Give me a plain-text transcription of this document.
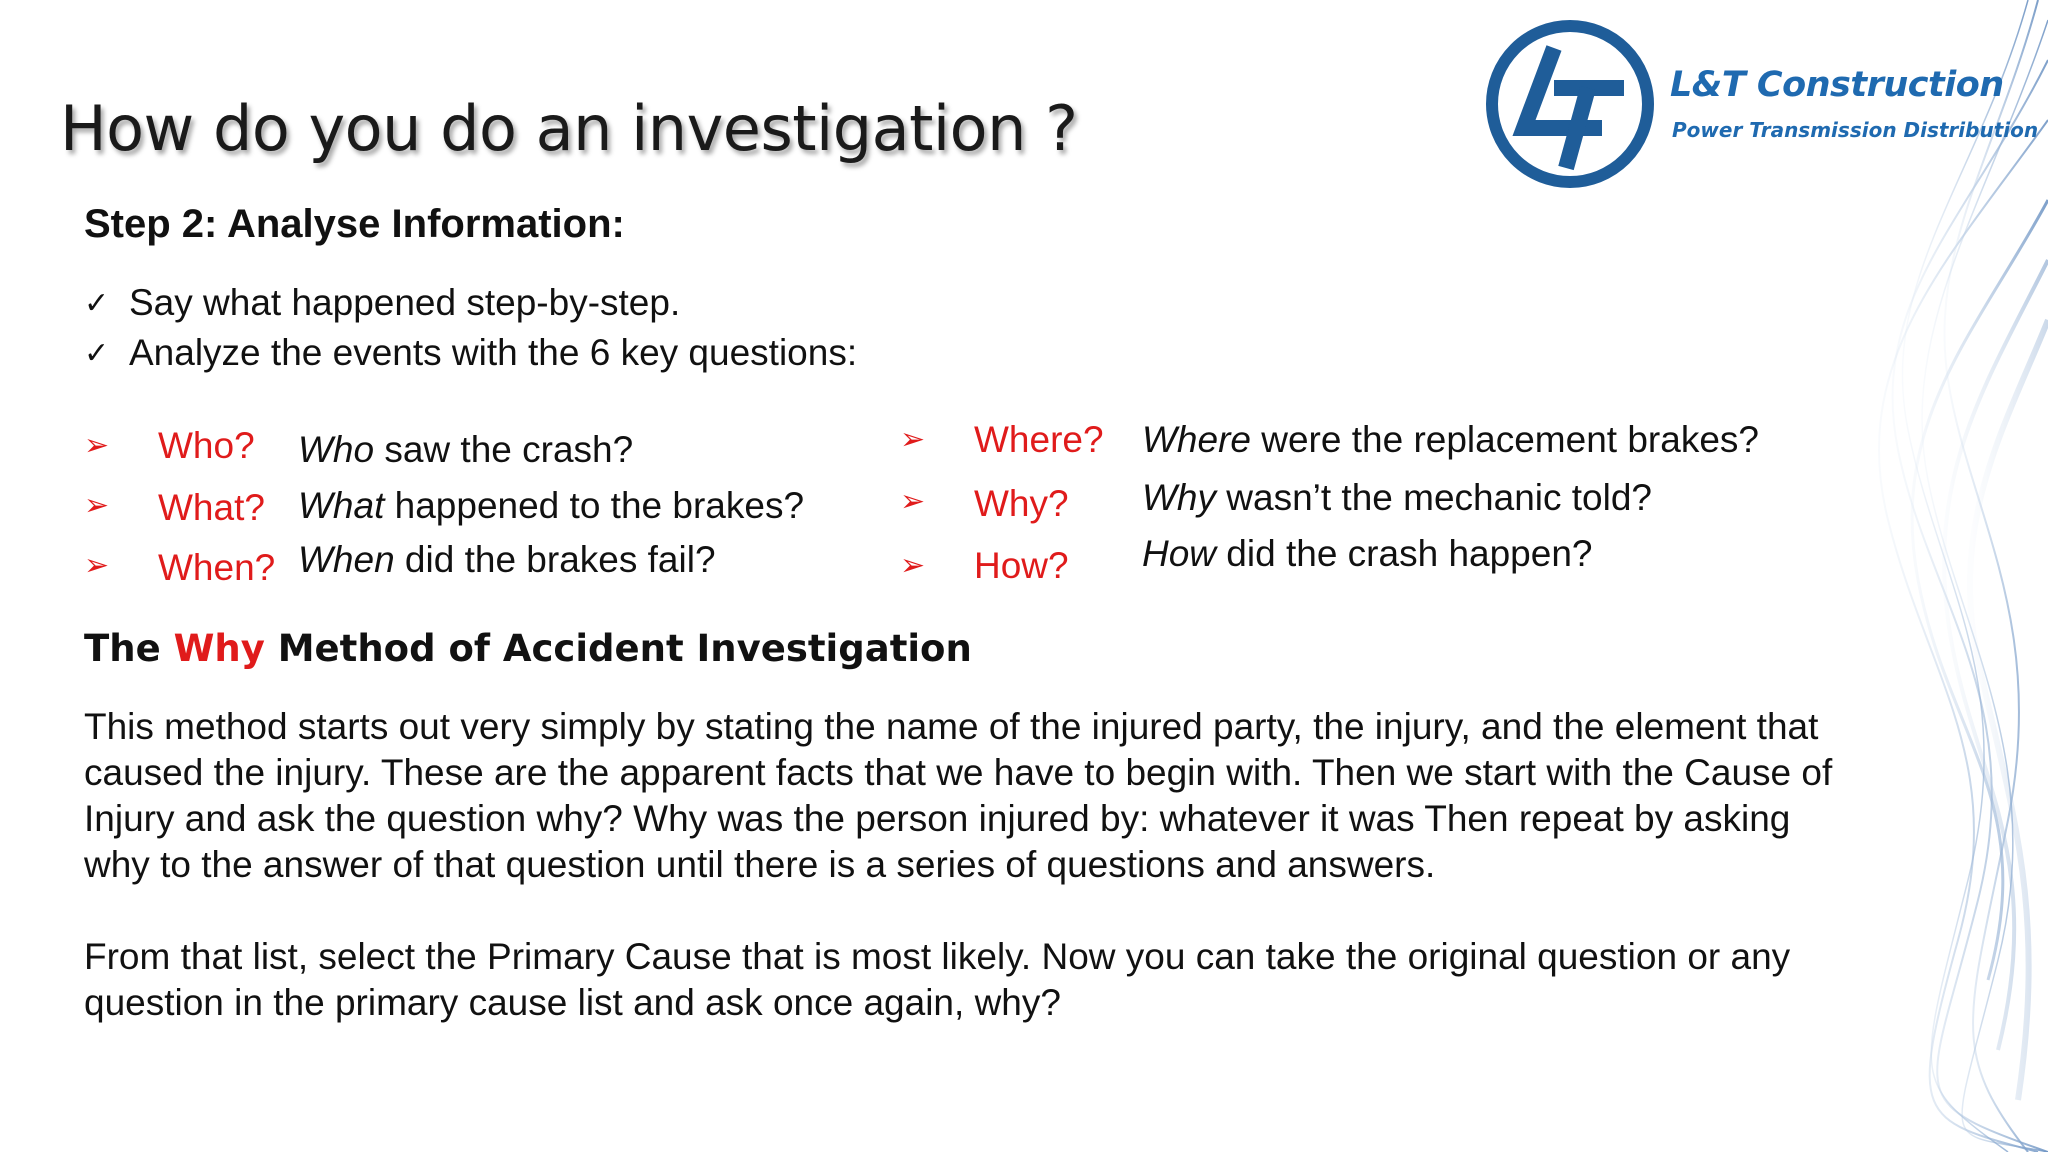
L&T Construction
Power Transmission Distribution
How do you do an investigation ?
Step 2: Analyse Information:
✓ Say what happened step-by-step.
✓ Analyze the events with the 6 key questions:
➢ Who? Who saw the crash?
➢ What? What happened to the brakes?
➢ When? When did the brakes fail?
➢ Where? Where were the replacement brakes?
➢ Why? Why wasn’t the mechanic told?
➢ How? How did the crash happen?
The Why Method of Accident Investigation

This method starts out very simply by stating the name of the injured party, the injury, and the element that caused the injury. These are the apparent facts that we have to begin with. Then we start with the Cause of Injury and ask the question why? Why was the person injured by: whatever it was Then repeat by asking why to the answer of that question until there is a series of questions and answers.

From that list, select the Primary Cause that is most likely. Now you can take the original question or any question in the primary cause list and ask once again, why?
